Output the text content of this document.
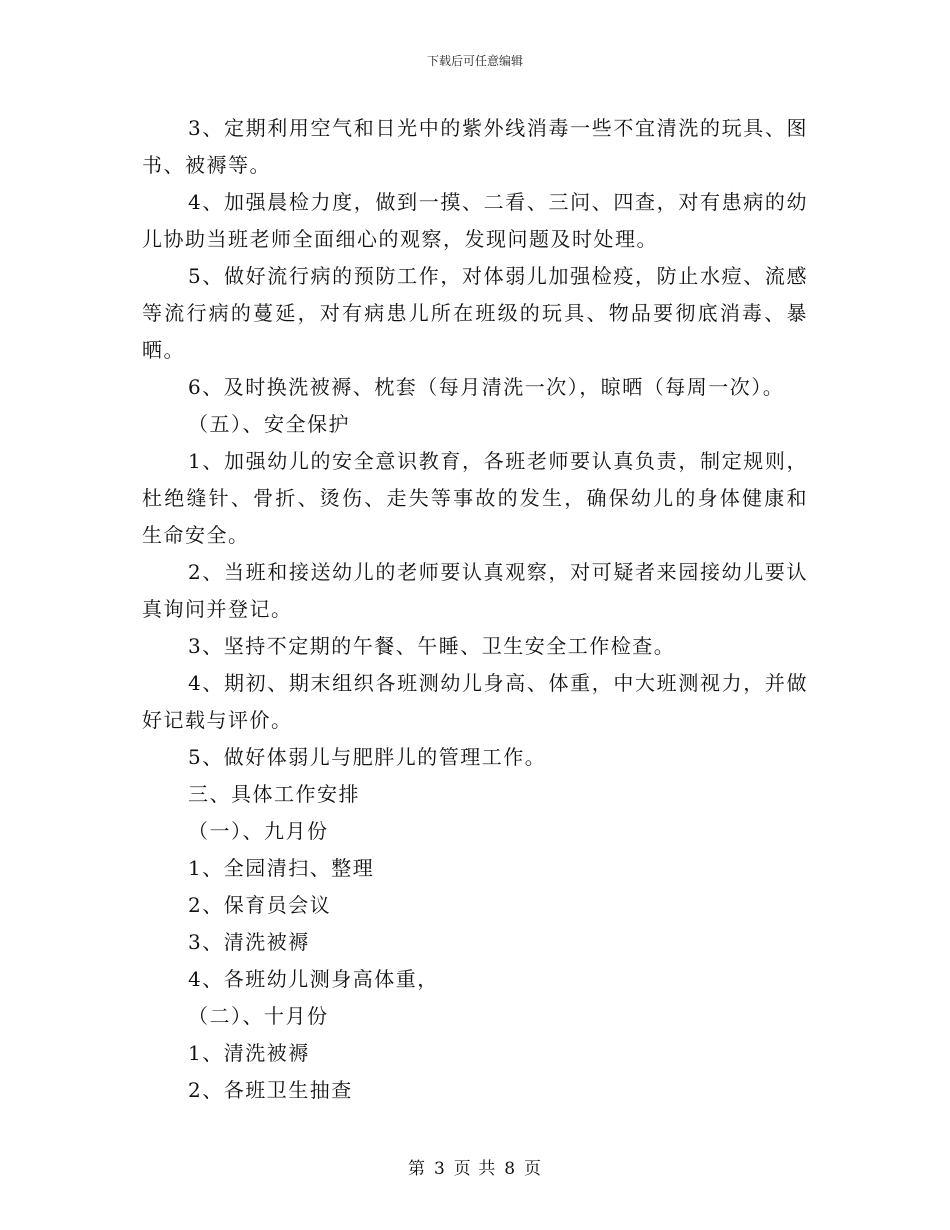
下载后可任意编辑

3、定期利用空气和日光中的紫外线消毒一些不宜清洗的玩具、图书、被褥等。

4、加强晨检力度，做到一摸、二看、三问、四查，对有患病的幼儿协助当班老师全面细心的观察，发现问题及时处理。

5、做好流行病的预防工作，对体弱儿加强检疫，防止水痘、流感等流行病的蔓延，对有病患儿所在班级的玩具、物品要彻底消毒、暴晒。

6、及时换洗被褥、枕套（每月清洗一次），晾晒（每周一次）。

（五）、安全保护

1、加强幼儿的安全意识教育，各班老师要认真负责，制定规则，杜绝缝针、骨折、烫伤、走失等事故的发生，确保幼儿的身体健康和生命安全。

2、当班和接送幼儿的老师要认真观察，对可疑者来园接幼儿要认真询问并登记。

3、坚持不定期的午餐、午睡、卫生安全工作检查。

4、期初、期末组织各班测幼儿身高、体重，中大班测视力，并做好记载与评价。

5、做好体弱儿与肥胖儿的管理工作。

三、具体工作安排

（一）、九月份

1、全园清扫、整理

2、保育员会议

3、清洗被褥

4、各班幼儿测身高体重，

（二）、十月份

1、清洗被褥

2、各班卫生抽查

第 3 页 共 8 页
